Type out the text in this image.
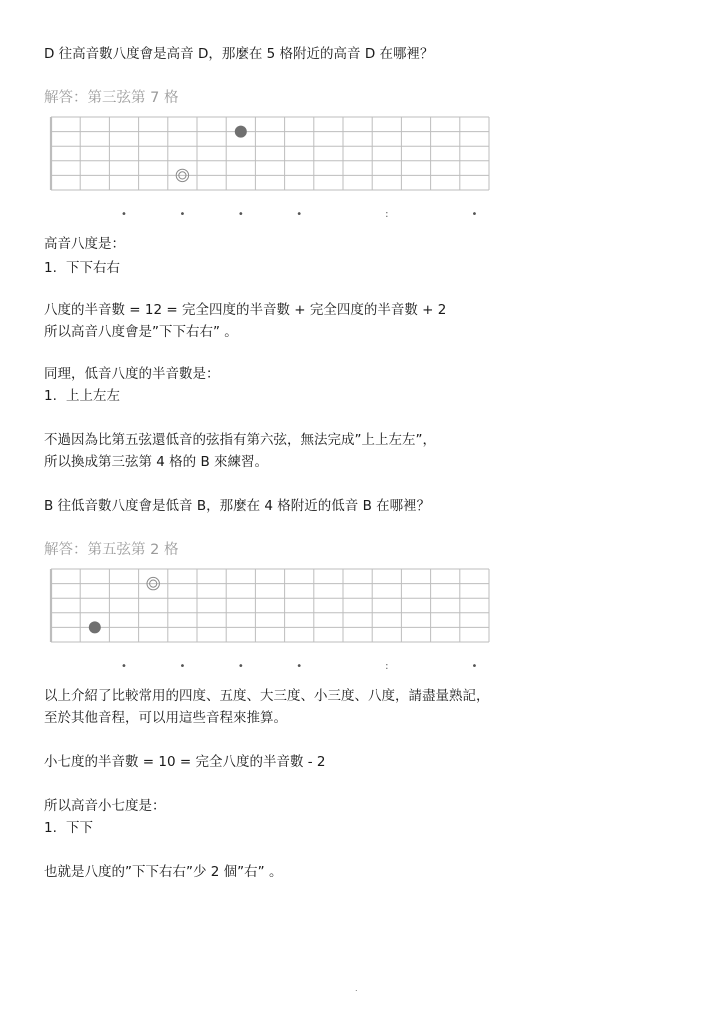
D 往高音數八度會是高音 D，那麼在 5 格附近的高音 D 在哪裡？
解答：第三弦第 7 格
•	•	•	•	:	•
高音八度是：
1. 下下右右
八度的半音數 = 12 = 完全四度的半音數 + 完全四度的半音數 + 2
所以高音八度會是”下下右右” 。
同理，低音八度的半音數是：
1. 上上左左
不過因為比第五弦還低音的弦指有第六弦，無法完成”上上左左”，
所以換成第三弦第 4 格的 B 來練習。
B 往低音數八度會是低音 B，那麼在 4 格附近的低音 B 在哪裡？
解答：第五弦第 2 格
•	•	•	•	:	•
以上介紹了比較常用的四度、五度、大三度、小三度、八度，請盡量熟記，
至於其他音程，可以用這些音程來推算。
小七度的半音數 = 10 = 完全八度的半音數 - 2
所以高音小七度是：
1. 下下
也就是八度的”下下右右”少 2 個”右” 。
.
